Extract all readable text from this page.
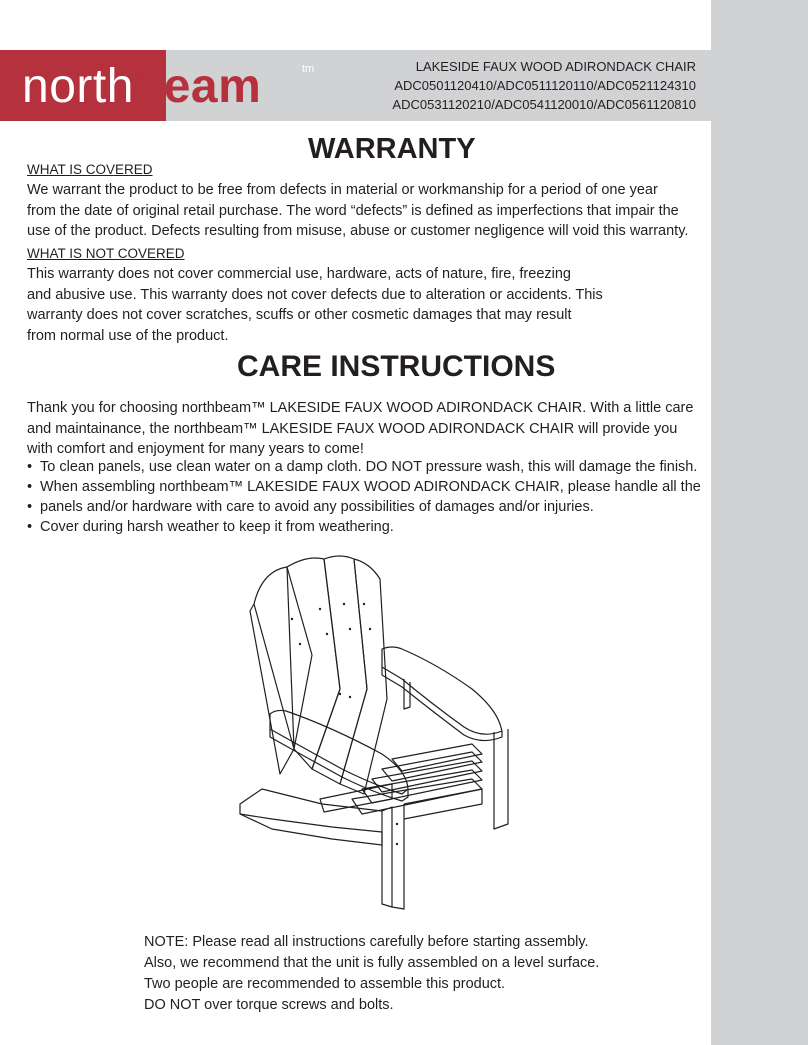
northbeam	tm	LAKESIDE FAUX WOOD ADIRONDACK CHAIR
ADC0501120410/ADC0511120110/ADC0521124310
ADC0531120210/ADC0541120010/ADC0561120810
WARRANTY
WHAT IS COVERED
We warrant the product to be free from defects in material or workmanship for a period of one year
from the date of original retail purchase. The word “defects” is defined as imperfections that impair the
use of the product. Defects resulting from misuse, abuse or customer negligence will void this warranty.
WHAT IS NOT COVERED
This warranty does not cover commercial use, hardware, acts of nature, fire, freezing
and abusive use. This warranty does not cover defects due to alteration or accidents. This
warranty does not cover scratches, scuffs or other cosmetic damages that may result
from normal use of the product.
CARE INSTRUCTIONS
Thank you for choosing northbeam™ LAKESIDE FAUX WOOD ADIRONDACK CHAIR. With a little care
and maintainance, the northbeam™ LAKESIDE FAUX WOOD ADIRONDACK CHAIR will provide you
with comfort and enjoyment for many years to come!
• To clean panels, use clean water on a damp cloth. DO NOT pressure wash, this will damage the finish.
• When assembling northbeam™ LAKESIDE FAUX WOOD ADIRONDACK CHAIR, please handle all the
• panels and/or hardware with care to avoid any possibilities of damages and/or injuries.
• Cover during harsh weather to keep it from weathering.
NOTE: Please read all instructions carefully before starting assembly.
Also, we recommend that the unit is fully assembled on a level surface.
Two people are recommended to assemble this product.
DO NOT over torque screws and bolts.
